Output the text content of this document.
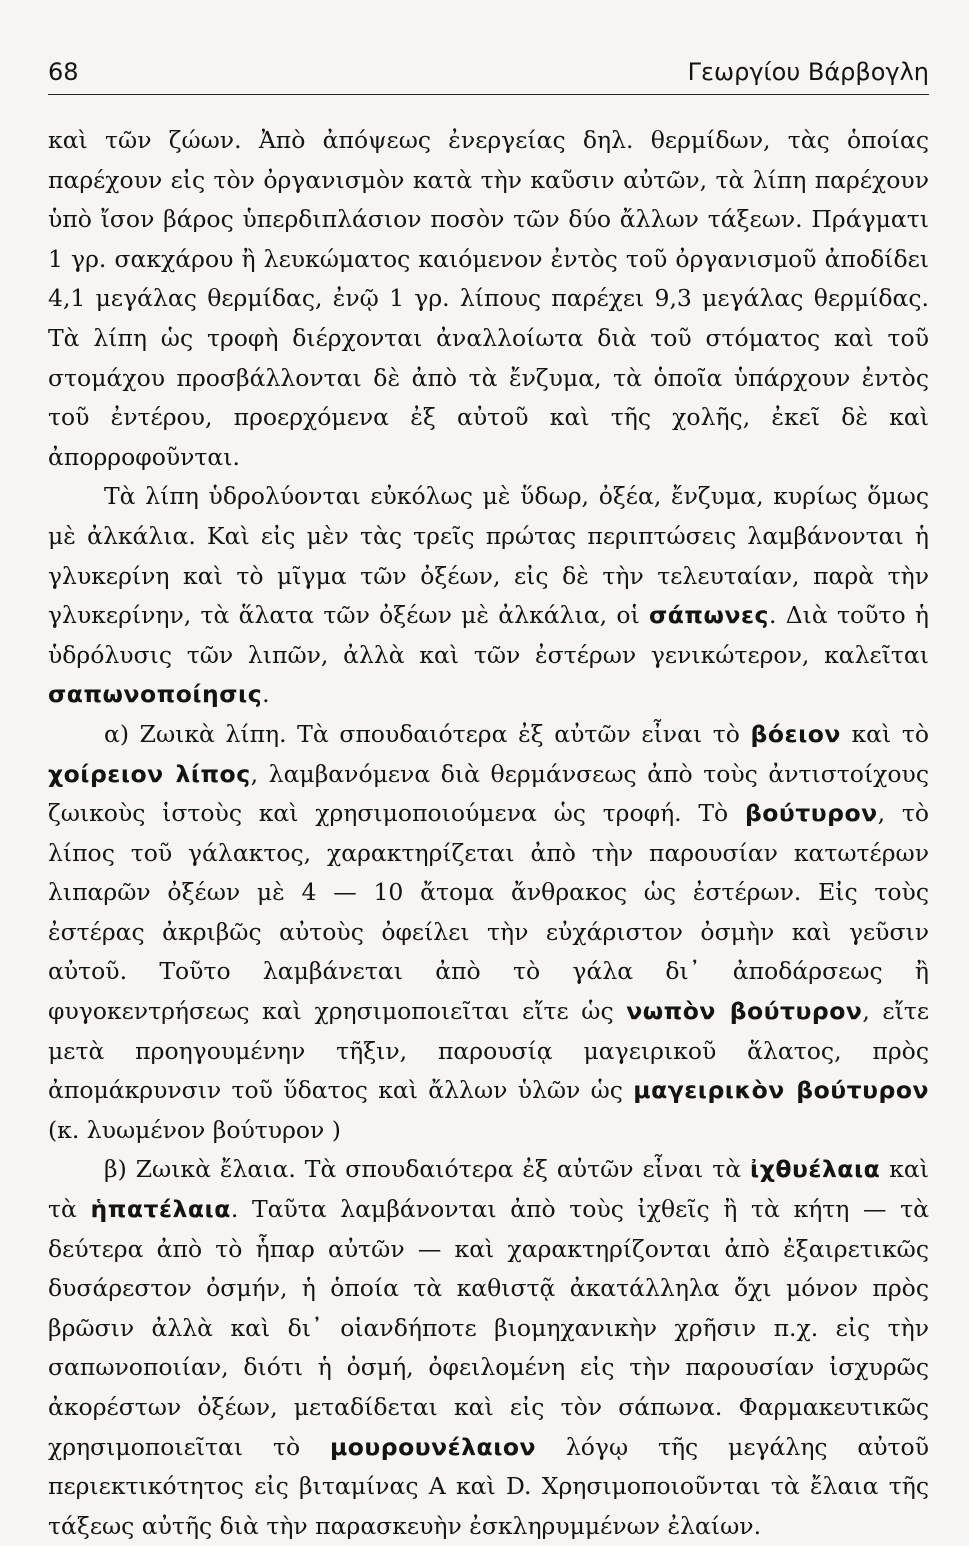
68	Γεωργίου Βάρβογλη

καὶ τῶν ζώων. Ἀπὸ ἀπόψεως ἐνεργείας δηλ. θερμίδων, τὰς ὁποίας παρέχουν εἰς τὸν ὀργανισμὸν κατὰ τὴν καῦσιν αὐτῶν, τὰ λίπη παρέχουν ὑπὸ ἴσον βάρος ὑπερδιπλάσιον ποσὸν τῶν δύο ἄλλων τάξεων. Πράγματι 1 γρ. σακχάρου ἢ λευκώματος καιόμενον ἐντὸς τοῦ ὀργανισμοῦ ἀποδίδει 4,1 μεγάλας θερμίδας, ἐνῷ 1 γρ. λίπους παρέχει 9,3 μεγάλας θερμίδας. Τὰ λίπη ὡς τροφὴ διέρχονται ἀναλλοίωτα διὰ τοῦ στόματος καὶ τοῦ στομάχου προσβάλλονται δὲ ἀπὸ τὰ ἔνζυμα, τὰ ὁποῖα ὑπάρχουν ἐντὸς τοῦ ἐντέρου, προερχόμενα ἐξ αὐτοῦ καὶ τῆς χολῆς, ἐκεῖ δὲ καὶ ἀπορροφοῦνται.

Τὰ λίπη ὑδρολύονται εὐκόλως μὲ ὕδωρ, ὀξέα, ἔνζυμα, κυρίως ὅμως μὲ ἀλκάλια. Καὶ εἰς μὲν τὰς τρεῖς πρώτας περιπτώσεις λαμβάνονται ἡ γλυκερίνη καὶ τὸ μῖγμα τῶν ὀξέων, εἰς δὲ τὴν τελευταίαν, παρὰ τὴν γλυκερίνην, τὰ ἅλατα τῶν ὀξέων μὲ ἀλκάλια, οἱ σάπωνες. Διὰ τοῦτο ἡ ὑδρόλυσις τῶν λιπῶν, ἀλλὰ καὶ τῶν ἐστέρων γενικώτερον, καλεῖται σαπωνοποίησις.

α) Ζωικὰ λίπη. Τὰ σπουδαιότερα ἐξ αὐτῶν εἶναι τὸ βόειον καὶ τὸ χοίρειον λίπος, λαμβανόμενα διὰ θερμάνσεως ἀπὸ τοὺς ἀντιστοίχους ζωικοὺς ἱστοὺς καὶ χρησιμοποιούμενα ὡς τροφή. Τὸ βούτυρον, τὸ λίπος τοῦ γάλακτος, χαρακτηρίζεται ἀπὸ τὴν παρουσίαν κατωτέρων λιπαρῶν ὀξέων μὲ 4 — 10 ἄτομα ἄνθρακος ὡς ἐστέρων. Εἰς τοὺς ἐστέρας ἀκριβῶς αὐτοὺς ὀφείλει τὴν εὐχάριστον ὀσμὴν καὶ γεῦσιν αὐτοῦ. Τοῦτο λαμβάνεται ἀπὸ τὸ γάλα δι᾽ ἀποδάρσεως ἢ φυγοκεντρήσεως καὶ χρησιμοποιεῖται εἴτε ὡς νωπὸν βούτυρον, εἴτε μετὰ προηγουμένην τῆξιν, παρουσίᾳ μαγειρικοῦ ἅλατος, πρὸς ἀπομάκρυνσιν τοῦ ὕδατος καὶ ἄλλων ὑλῶν ὡς μαγειρικὸν βούτυρον (κ. λυωμένον βούτυρον )

β) Ζωικὰ ἔλαια. Τὰ σπουδαιότερα ἐξ αὐτῶν εἶναι τὰ ἰχθυέλαια καὶ τὰ ἡπατέλαια. Ταῦτα λαμβάνονται ἀπὸ τοὺς ἰχθεῖς ἢ τὰ κήτη — τὰ δεύτερα ἀπὸ τὸ ἧπαρ αὐτῶν — καὶ χαρακτηρίζονται ἀπὸ ἐξαιρετικῶς δυσάρεστον ὀσμήν, ἡ ὁποία τὰ καθιστᾷ ἀκατάλληλα ὄχι μόνον πρὸς βρῶσιν ἀλλὰ καὶ δι᾽ οἱανδήποτε βιομηχανικὴν χρῆσιν π.χ. εἰς τὴν σαπωνοποιίαν, διότι ἡ ὀσμή, ὀφειλομένη εἰς τὴν παρουσίαν ἰσχυρῶς ἀκορέστων ὀξέων, μεταδίδεται καὶ εἰς τὸν σάπωνα. Φαρμακευτικῶς χρησιμοποιεῖται τὸ μουρουνέλαιον λόγῳ τῆς μεγάλης αὐτοῦ περιεκτικότητος εἰς βιταμίνας A καὶ D. Χρησιμοποιοῦνται τὰ ἔλαια τῆς τάξεως αὐτῆς διὰ τὴν παρασκευὴν ἐσκληρυμμένων ἐλαίων.
